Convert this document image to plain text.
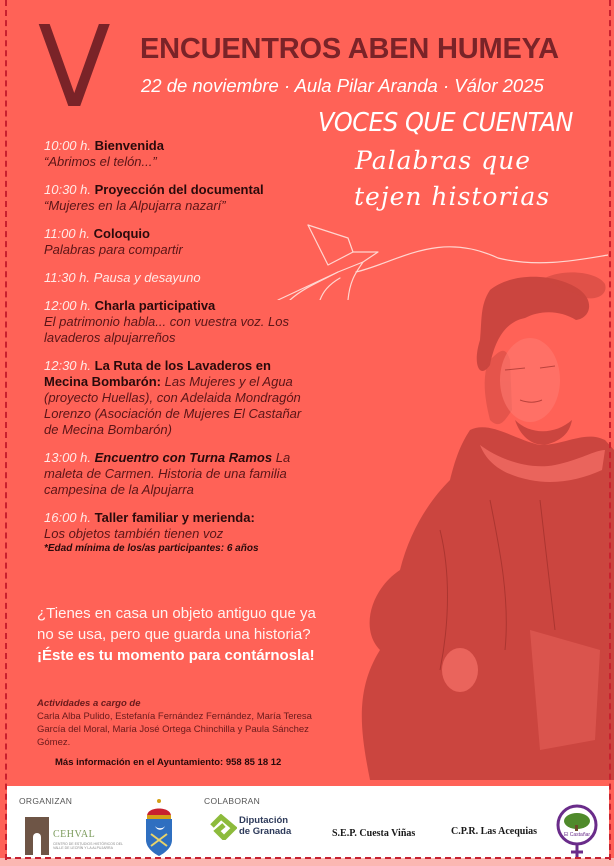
V ENCUENTROS ABEN HUMEYA
22 de noviembre · Aula Pilar Aranda · Válor 2025
VOCES QUE CUENTAN
Palabras que
tejen historias
10:00 h. Bienvenida
“Abrimos el telón...”
10:30 h. Proyección del documental
“Mujeres en la Alpujarra nazarí”
11:00 h. Coloquio
Palabras para compartir
11:30 h. Pausa y desayuno
12:00 h. Charla participativa
El patrimonio habla... con vuestra voz. Los lavaderos alpujarreños
12:30 h. La Ruta de los Lavaderos en Mecina Bombarón: Las Mujeres y el Agua (proyecto Huellas), con Adelaida Mondragón Lorenzo (Asociación de Mujeres El Castañar de Mecina Bombarón)
13:00 h. Encuentro con Turna Ramos La maleta de Carmen. Historia de una familia campesina de la Alpujarra
16:00 h. Taller familiar y merienda:
Los objetos también tienen voz
*Edad mínima de los/as participantes: 6 años
¿Tienes en casa un objeto antiguo que ya no se usa, pero que guarda una historia?  ¡Éste es tu momento para contárnosla!
Actividades a cargo de
Carla Alba Pulido, Estefanía Fernández Fernández, María Teresa García del Moral, María José Ortega Chinchilla y Paula Sánchez Gómez.
Más información en el Ayuntamiento: 958 85 18 12
ORGANIZAN	COLABORAN
CEHVAL
CENTRO DE ESTUDIOS HISTÓRICOS DEL VALLE DE LECRÍN Y LA ALPUJARRA
Diputación
de Granada	S.E.P. Cuesta Viñas	C.P.R. Las Acequias	El Castañar
